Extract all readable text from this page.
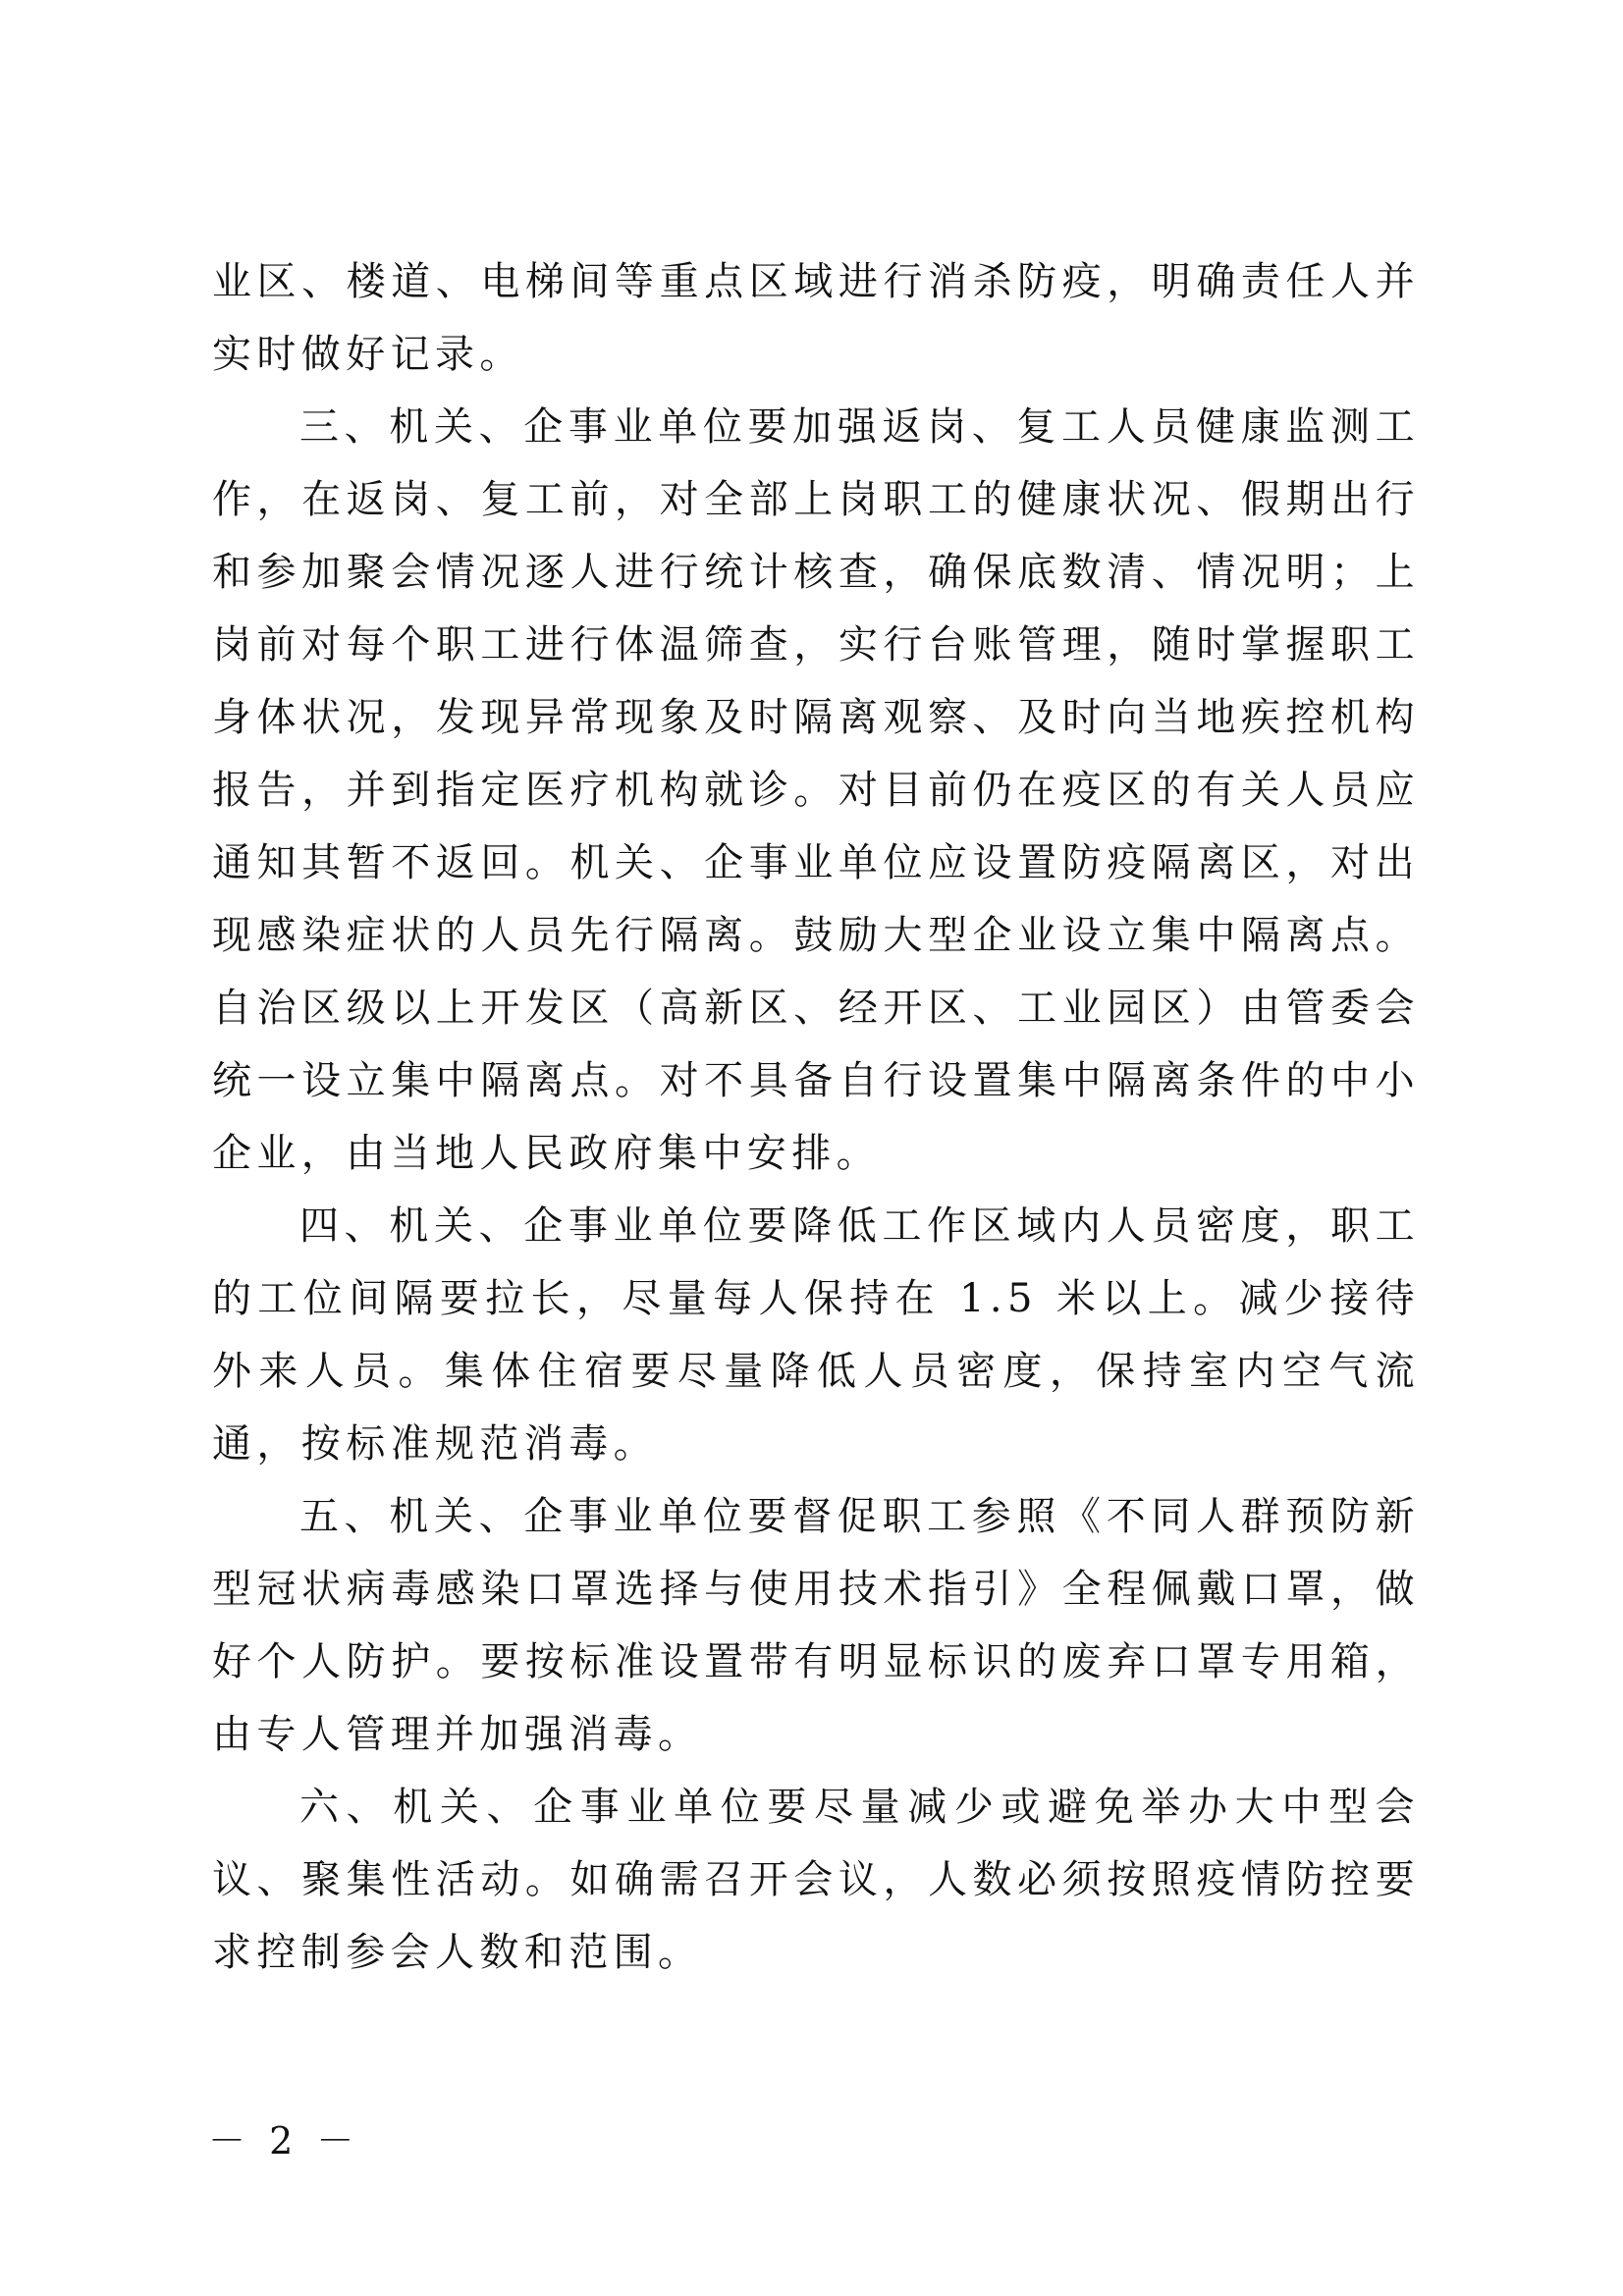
业区、楼道、电梯间等重点区域进行消杀防疫，明确责任人并实时做好记录。

三、机关、企事业单位要加强返岗、复工人员健康监测工作，在返岗、复工前，对全部上岗职工的健康状况、假期出行和参加聚会情况逐人进行统计核查，确保底数清、情况明；上岗前对每个职工进行体温筛查，实行台账管理，随时掌握职工身体状况，发现异常现象及时隔离观察、及时向当地疾控机构报告，并到指定医疗机构就诊。对目前仍在疫区的有关人员应通知其暂不返回。机关、企事业单位应设置防疫隔离区，对出现感染症状的人员先行隔离。鼓励大型企业设立集中隔离点。自治区级以上开发区（高新区、经开区、工业园区）由管委会统一设立集中隔离点。对不具备自行设置集中隔离条件的中小企业，由当地人民政府集中安排。

四、机关、企事业单位要降低工作区域内人员密度，职工的工位间隔要拉长，尽量每人保持在 1.5 米以上。减少接待外来人员。集体住宿要尽量降低人员密度，保持室内空气流通，按标准规范消毒。

五、机关、企事业单位要督促职工参照《不同人群预防新型冠状病毒感染口罩选择与使用技术指引》全程佩戴口罩，做好个人防护。要按标准设置带有明显标识的废弃口罩专用箱，由专人管理并加强消毒。

六、机关、企事业单位要尽量减少或避免举办大中型会议、聚集性活动。如确需召开会议，人数必须按照疫情防控要求控制参会人数和范围。

－ 2 －
